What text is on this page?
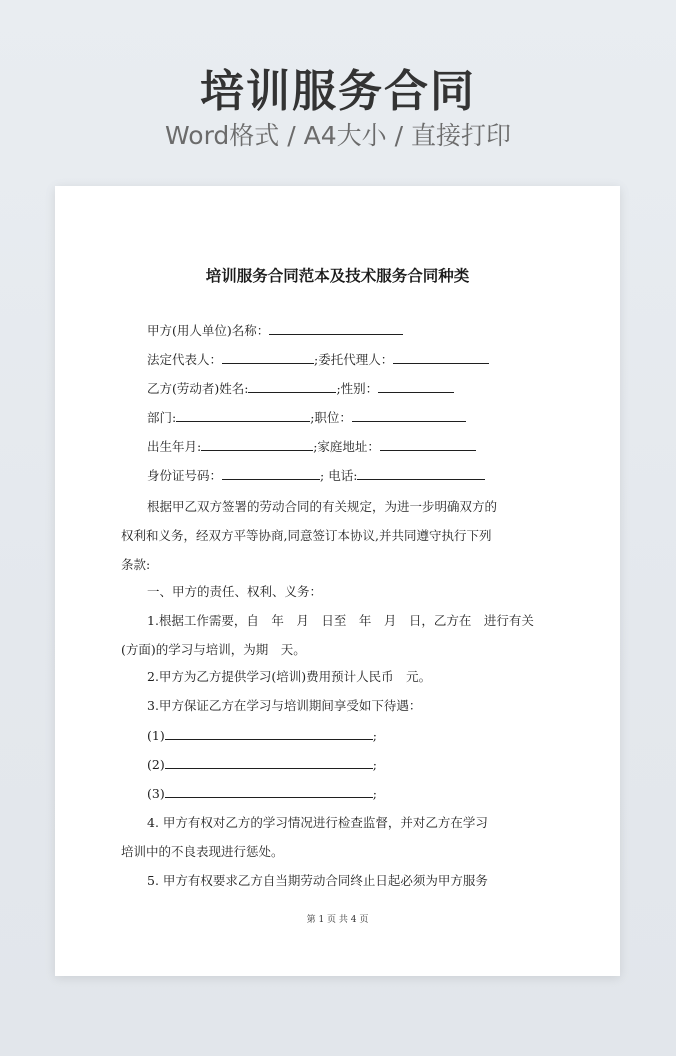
培训服务合同
Word格式 / A4大小 / 直接打印
培训服务合同范本及技术服务合同种类
甲方(用人单位)名称：
法定代表人：	;委托代理人：
乙方(劳动者)姓名:	;性别：
部门:	;职位：
出生年月:	;家庭地址：
身份证号码：	; 电话:
根据甲乙双方签署的劳动合同的有关规定，为进一步明确双方的
权利和义务，经双方平等协商,同意签订本协议,并共同遵守执行下列
条款:
一、甲方的责任、权利、义务：
1.根据工作需要，自　年　月　日至　年　月　日，乙方在　进行有关
(方面)的学习与培训，为期　天。
2.甲方为乙方提供学习(培训)费用预计人民币　元。
3.甲方保证乙方在学习与培训期间享受如下待遇：
(1)	;
(2)	;
(3)	;
4. 甲方有权对乙方的学习情况进行检查监督，并对乙方在学习
培训中的不良表现进行惩处。
5. 甲方有权要求乙方自当期劳动合同终止日起必须为甲方服务
第 1 页 共 4 页
